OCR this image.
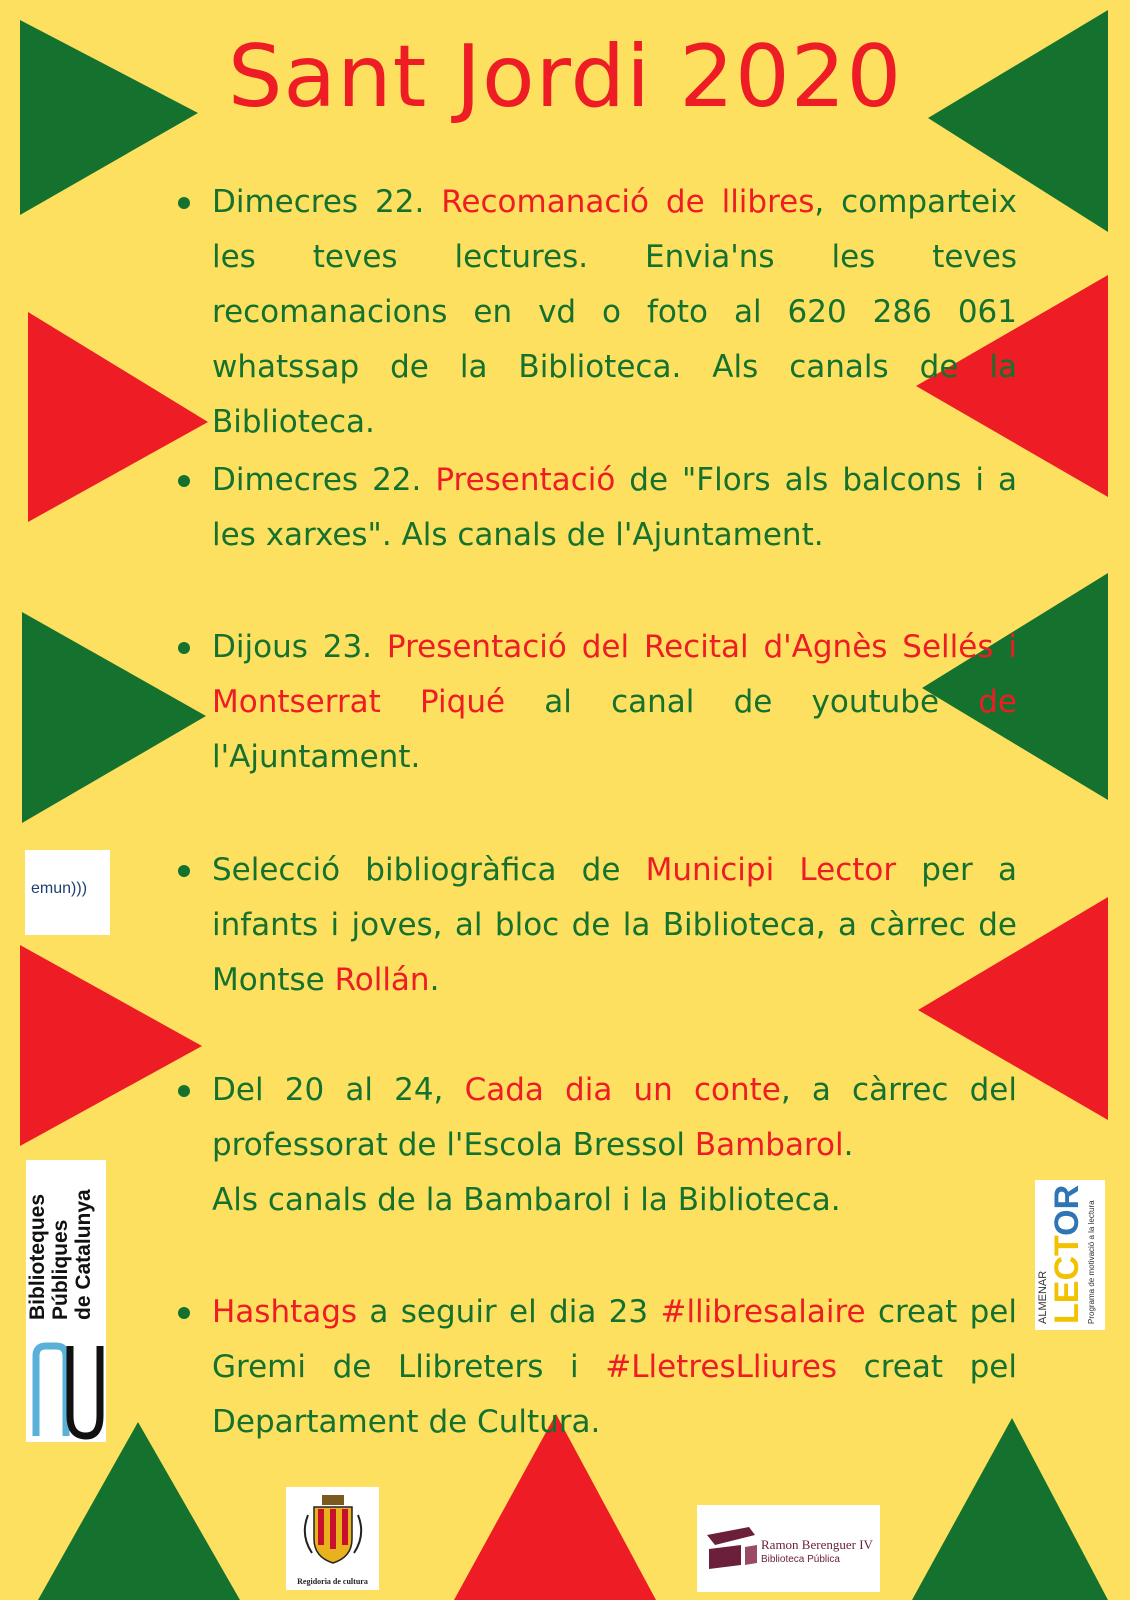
Sant Jordi 2020
Dimecres 22. Recomanació de llibres, comparteix les teves lectures. Envia'ns les teves recomanacions en vd o foto al 620 286 061 whatssap de la Biblioteca. Als canals de la Biblioteca.
Dimecres 22. Presentació de "Flors als balcons i a les xarxes". Als canals de l'Ajuntament.
Dijous 23. Presentació del Recital d'Agnès Sellés i Montserrat Piqué al canal de youtube de l'Ajuntament.
Selecció bibliogràfica de Municipi Lector per a infants i joves, al bloc de la Biblioteca, a càrrec de Montse Rollán.
Del 20 al 24, Cada dia un conte, a càrrec del professorat de l'Escola Bressol Bambarol.
Als canals de la Bambarol i la Biblioteca.
Hashtags a seguir el dia 23 #llibresalaire creat pel Gremi de Llibreters i #LletresLliures creat pel Departament de Cultura.
emun)))
Biblioteques Públiques de Catalunya	ALMENAR LECTOR Programa de motivació a la lectura
Regidoria de cultura
Ramon Berenguer IV
Biblioteca Pública
